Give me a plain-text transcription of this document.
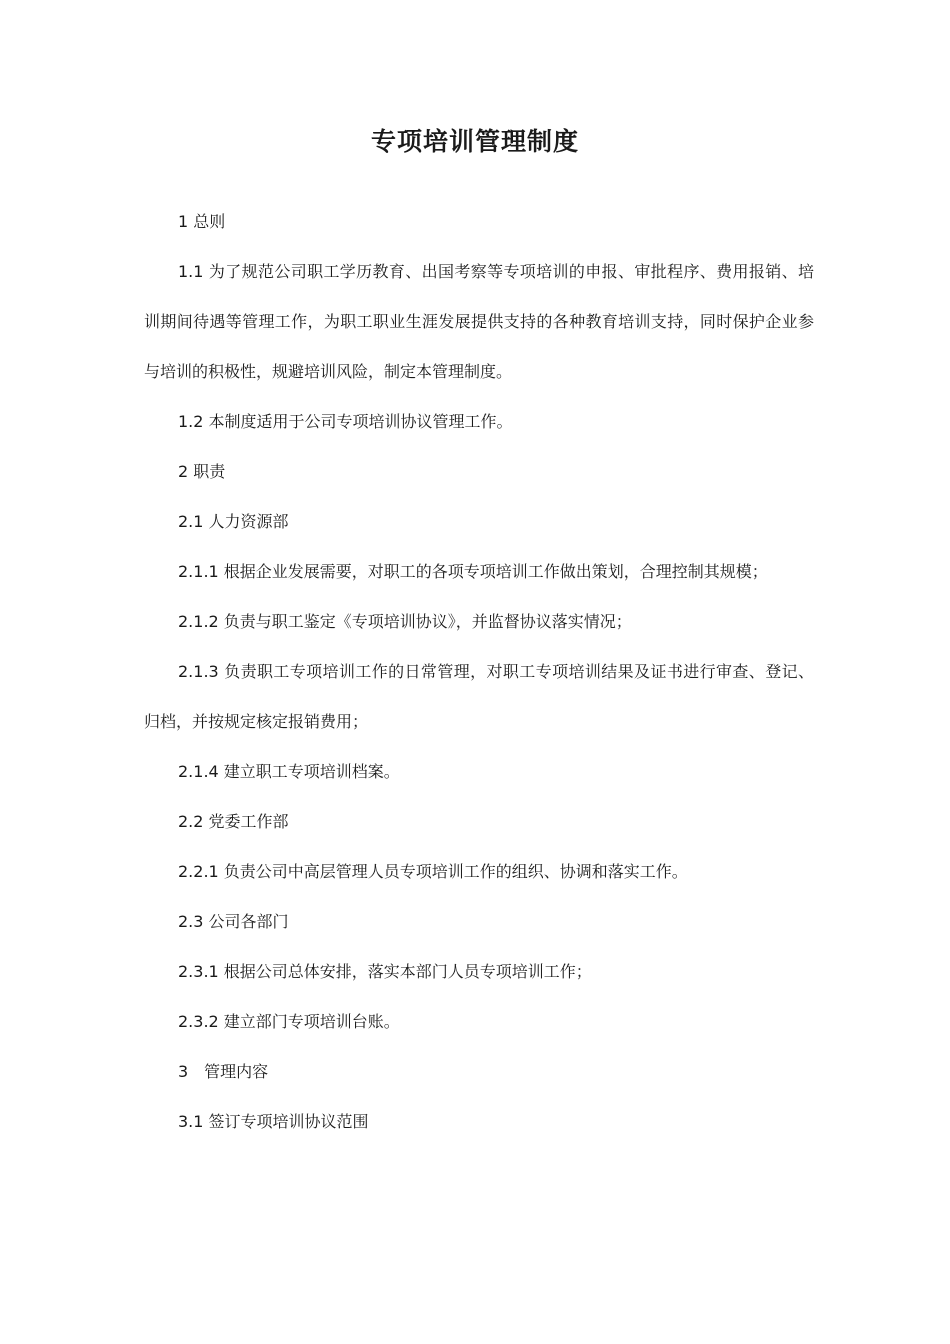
专项培训管理制度

1 总则

1.1 为了规范公司职工学历教育、出国考察等专项培训的申报、审批程序、费用报销、培训期间待遇等管理工作，为职工职业生涯发展提供支持的各种教育培训支持，同时保护企业参与培训的积极性，规避培训风险，制定本管理制度。

1.2 本制度适用于公司专项培训协议管理工作。

2 职责

2.1 人力资源部

2.1.1 根据企业发展需要，对职工的各项专项培训工作做出策划，合理控制其规模；

2.1.2 负责与职工鉴定《专项培训协议》，并监督协议落实情况；

2.1.3 负责职工专项培训工作的日常管理，对职工专项培训结果及证书进行审查、登记、归档，并按规定核定报销费用；

2.1.4 建立职工专项培训档案。

2.2 党委工作部

2.2.1 负责公司中高层管理人员专项培训工作的组织、协调和落实工作。

2.3 公司各部门

2.3.1 根据公司总体安排，落实本部门人员专项培训工作；

2.3.2 建立部门专项培训台账。

3　管理内容

3.1 签订专项培训协议范围
